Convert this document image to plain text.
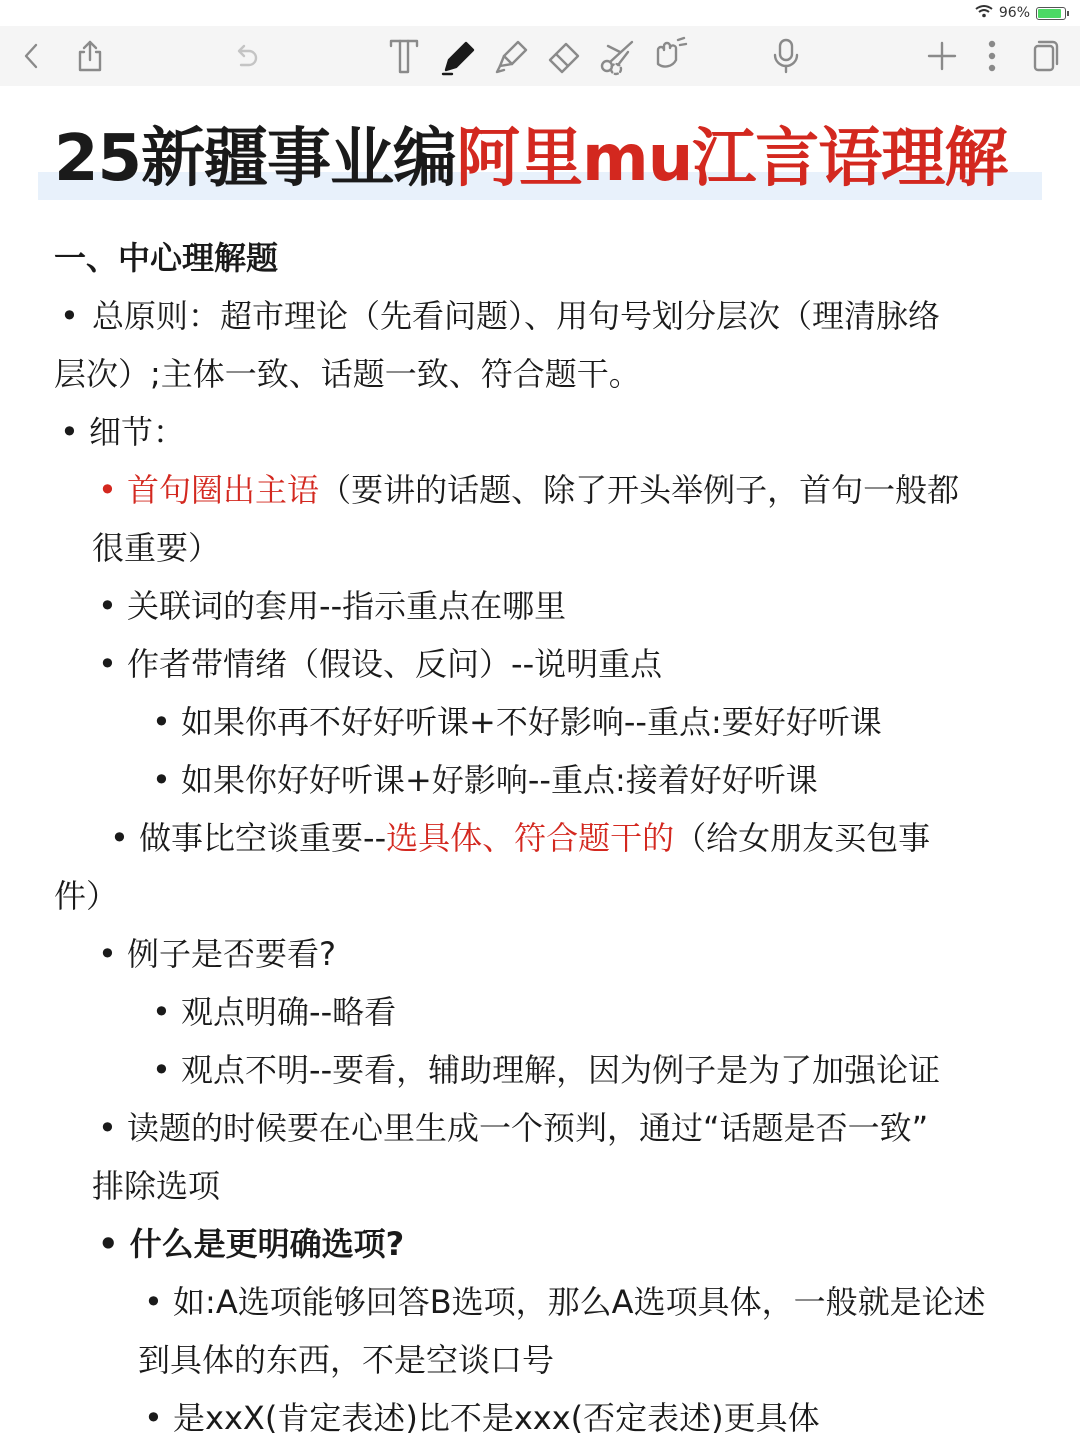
96%
25新疆事业编阿里mu江言语理解
一、中心理解题
• 总原则：超市理论（先看问题）、用句号划分层次（理清脉络
层次）;主体一致、话题一致、符合题干。
• 细节：
• 首句圈出主语（要讲的话题、除了开头举例子，首句一般都
很重要）
• 关联词的套用--指示重点在哪里
• 作者带情绪（假设、反问）--说明重点
• 如果你再不好好听课+不好影响--重点:要好好听课
• 如果你好好听课+好影响--重点:接着好好听课
• 做事比空谈重要--选具体、符合题干的（给女朋友买包事
件）
• 例子是否要看?
• 观点明确--略看
• 观点不明--要看，辅助理解，因为例子是为了加强论证
• 读题的时候要在心里生成一个预判，通过“话题是否一致”
排除选项
• 什么是更明确选项?
• 如:A选项能够回答B选项，那么A选项具体，一般就是论述
到具体的东西，不是空谈口号
• 是xxX(肯定表述)比不是xxx(否定表述)更具体
